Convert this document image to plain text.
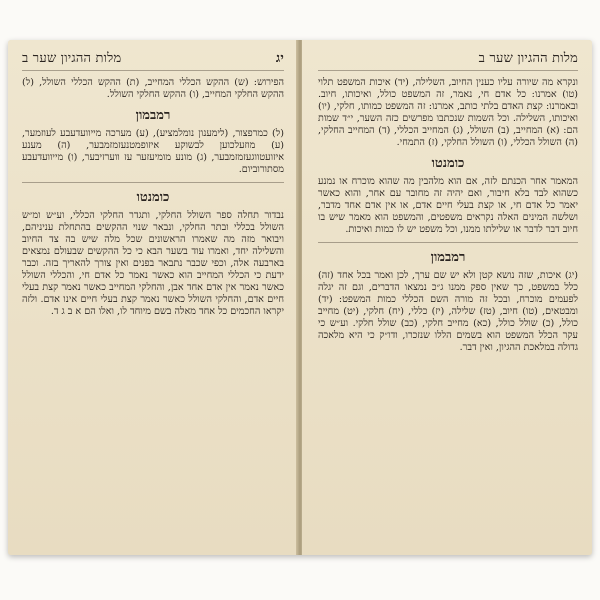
יג
מלות ההגיון שער ב

הפירוש: (ש) ההקש הכללי המחייב, (ת) ההקש הכללי השולל, (ל) ההקש החלקי המחייב, (ו) ההקש החלקי השולל.

רמבמון

(ל) כמרפצור, (לימענון נומלמציע), (ע) מערכה מייוועדעבע לעוזמער, (ע) מוזעלכוען לבשוקע איזופמטנעזמזמבער, (ה) מענע איזועטווגעזמזמבער, (ג) מונע מומיעזער עז ווערזיבער, (ו) מייוועדעבע מסתורוביום.

כומנטו

נבדור תחלה ספר השולל החלקי, ותגדר החלקי הכללי, וע״ש ומ״ש השולל בכללי ובתר החלקי, ונבאר שנוי ההקשים בהתחלת עניניהם, ויבואר מזה מה שאמרו הראשונים שכל מלה שיש בה צד החיוב והשלילה יחד, ואמרו עוד בשער הבא כי כל ההקשים שבעולם נמצאים בארבעה אלה, וכפי שכבר נתבאר בפנים ואין צורך להאריך בזה. וכבר ידעת כי הכללי המחייב הוא כאשר נאמר כל אדם חי, והכללי השולל כאשר נאמר אין אדם אחד אבן, והחלקי המחייב כאשר נאמר קצת בעלי חיים אדם, והחלקי השולל כאשר נאמר קצת בעלי חיים אינו אדם. ולזה יקראו החכמים כל אחד מאלה בשם מיוחד לו, ואלו הם א ב ג ד.

מלות ההגיון שער ב

ונקרא מה שיורה עליו כענין החיוב, השלילה, (יד) איכות המשפט תלוי (טו) אמרנו: כל אדם חי, נאמר, זה המשפט כולל, ואיכותו, חיוב. ובאמרנו: קצת האדם בלתי כותב, אמרנו: זה המשפט כמותו, חלקי, (יו) ואיכותו, השלילה. וכל השמות שנכתבו מפרשים כזה השער, י״ד שמות הם: (א) המחייב, (ב) השולל, (ג) המחייב הכללי, (ד) המחייב החלקי, (ה) השולל הכללי, (ו) השולל החלקי, (ז) התמחי.

כומנטו

המאמר אחר הכנתם לזה, אם הוא מלהבין מה שהוא מוכרח או נמנע כשהוא לבד בלא חיבור, ואם יהיה זה מחובר עם אחר, והוא כאשר יאמר כל אדם חי, או קצת בעלי חיים אדם, או אין אדם אחד מדבר, ושלשה המינים האלה נקראים משפטים, והמשפט הוא מאמר שיש בו חיוב דבר לדבר או שלילתו ממנו, וכל משפט יש לו כמות ואיכות.

רמבמון

(יג) איכות, שזה נושא קטן ולא יש שם ערך, לכן ואמר בכל אחד (זה) כלל במשפט, כך שאין ספק ממנו ג״כ נמצאו הדברים, וגם זה יגלה לפעמים מוכרח, ובכל זה מורה השם הכללי כמות המשפט: (יד) ומבטאים, (טו) חיוב, (טז) שלילה, (יז) כללי, (יח) חלקי, (יט) מחייב כולל, (כ) שולל כולל, (כא) מחייב חלקי, (כב) שולל חלקי. וע״ש כי עקר הכלל המשפט הוא בשמים הללו שנזכרו, ודו״ק כי היא מלאכה גדולה במלאכת ההגיון, ואין דבר.
